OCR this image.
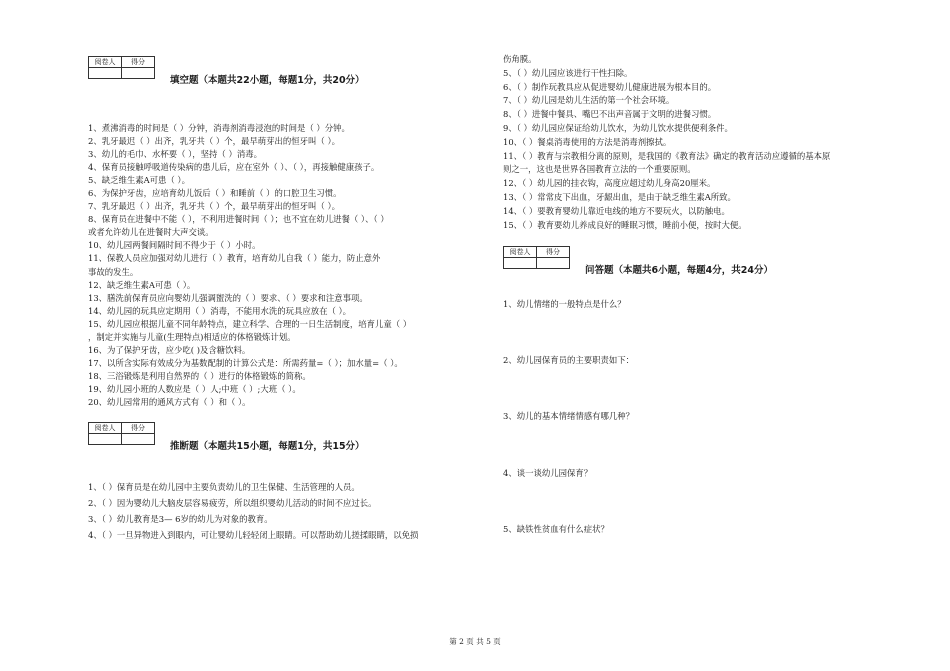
阅卷人	得分

填空题（本题共22小题，每题1分，共20分）
1、煮沸消毒的时间是（ ）分钟，消毒剂消毒浸泡的时间是（ ）分钟。
2、乳牙最迟（ ）出齐，乳牙共（ ）个，最早萌芽出的恒牙叫（ ）。
3、幼儿的毛巾、水杯要（ ），坚持（ ）消毒。
4、保育员接触呼吸道传染病的患儿后，应在室外（ ）、（ ），再接触健康孩子。
5、缺乏维生素A可患（ ）。
6、为保护牙齿，应培育幼儿饭后（ ）和睡前（ ）的口腔卫生习惯。
7、乳牙最迟（ ）出齐，乳牙共（ ）个，最早萌芽出的恒牙叫（ ）。
8、保育员在进餐中不能（ ），不利用进餐时间（ ）；也不宜在幼儿进餐（ ）、（ ）
或者允许幼儿在进餐时大声交谈。
10、幼儿园两餐间隔时间不得少于（ ）小时。
11、保教人员应加强对幼儿进行（ ）教育，培育幼儿自我（ ）能力，防止意外
事故的发生。
12、缺乏维生素A可患（ ）。
13、膳洗前保育员应向婴幼儿强调盥洗的（ ）要求、（ ）要求和注意事项。
14、幼儿园的玩具应定期用（ ）消毒，不能用水洗的玩具应放在（ ）。
15、幼儿园应根据儿童不同年龄特点，建立科学、合理的一日生活制度，培育儿童（ ）
，制定并实施与儿童(生理特点)相适应的体格锻炼计划。
16、为了保护牙齿，应少吃( )及含糖饮料。
17、以所含实际有效成分为基数配制的计算公式是：所需药量=（ ）；加水量=（ ）。
18、三浴锻炼是利用自然界的（ ）进行的体格锻炼的简称。
19、幼儿园小班的人数应是（ ）人;中班（ ）;大班（ ）。
20、幼儿园常用的通风方式有（ ）和（ ）。
阅卷人	得分

推断题（本题共15小题，每题1分，共15分）
1、（ ）保育员是在幼儿园中主要负责幼儿的卫生保健、生活管理的人员。
2、（ ）因为婴幼儿大脑皮层容易疲劳，所以组织婴幼儿活动的时间不应过长。
3、（ ）幼儿教育是3— 6岁的幼儿为对象的教育。
4、（ ）一旦异物进入到眼内，可让婴幼儿轻轻闭上眼睛。可以帮助幼儿搓揉眼睛，以免损
伤角膜。
5、（ ）幼儿园应该进行干性扫除。
6、（ ）制作玩教具应从促进婴幼儿健康进展为根本目的。
7、（ ）幼儿园是幼儿生活的第一个社会环境。
8、（ ）进餐中餐具、嘴巴不出声音属于文明的进餐习惯。
9、（ ）幼儿园应保证给幼儿饮水，为幼儿饮水提供便利条件。
10、（ ）餐桌消毒使用的方法是消毒剂擦拭。
11、（ ）教育与宗教相分离的原则，是我国的《教育法》确定的教育活动应遵循的基本原
则之一，这也是世界各国教育立法的一个重要原则。
12、（ ）幼儿园的挂衣钩，高度应超过幼儿身高20厘米。
13、（ ）常常皮下出血，牙龈出血，是由于缺乏维生素A所致。
14、（ ）要教育婴幼儿靠近电线的地方不要玩火，以防触电。
15、（ ）教育要幼儿养成良好的睡眠习惯，睡前小便，按时大便。
阅卷人	得分

问答题（本题共6小题，每题4分，共24分）
1、幼儿情绪的一般特点是什么？
2、幼儿园保育员的主要职责如下：
3、幼儿的基本情绪情感有哪几种？
4、谈一谈幼儿园保育？
5、缺铁性贫血有什么症状？
第 2 页 共 5 页
